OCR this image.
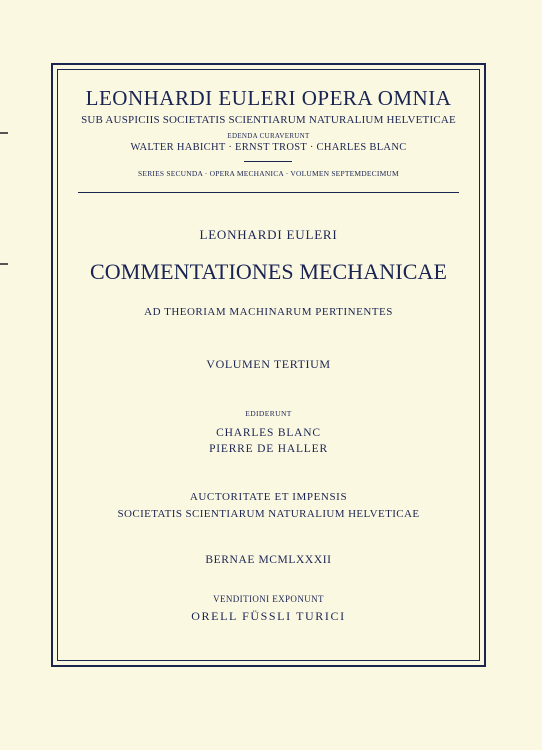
LEONHARDI EULERI OPERA OMNIA
SUB AUSPICIIS SOCIETATIS SCIENTIARUM NATURALIUM HELVETICAE
EDENDA CURAVERUNT
WALTER HABICHT · ERNST TROST · CHARLES BLANC
SERIES SECUNDA · OPERA MECHANICA · VOLUMEN SEPTEMDECIMUM
LEONHARDI EULERI
COMMENTATIONES MECHANICAE
AD THEORIAM MACHINARUM PERTINENTES
VOLUMEN TERTIUM
EDIDERUNT
CHARLES BLANC
PIERRE DE HALLER
AUCTORITATE ET IMPENSIS
SOCIETATIS SCIENTIARUM NATURALIUM HELVETICAE
BERNAE MCMLXXXII
VENDITIONI EXPONUNT
ORELL FÜSSLI TURICI
